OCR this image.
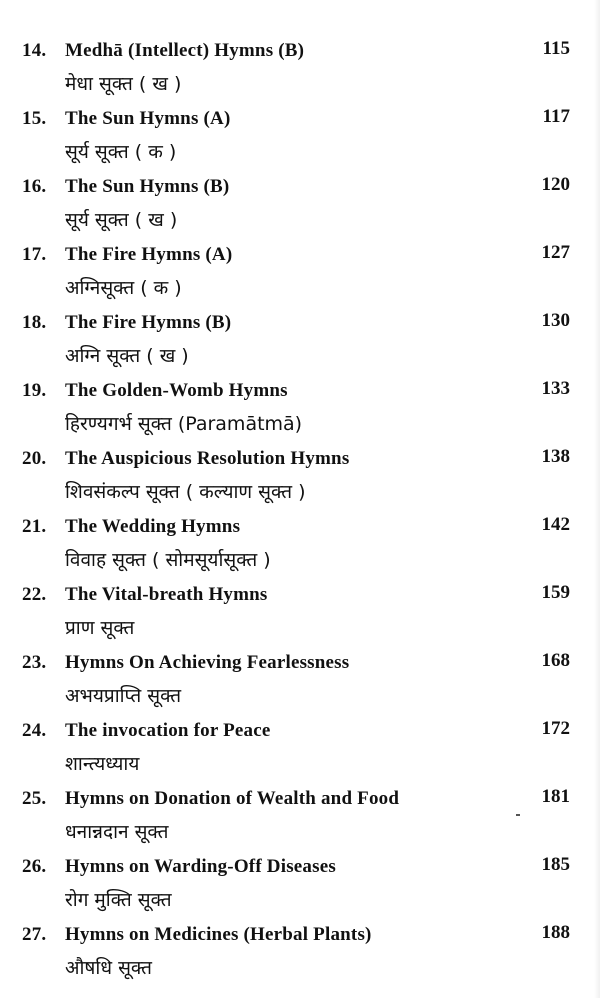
14. Medhā (Intellect) Hymns (B)	115
मेधा सूक्त ( ख )
15. The Sun Hymns (A)	117
सूर्य सूक्त ( क )
16. The Sun Hymns (B)	120
सूर्य सूक्त ( ख )
17. The Fire Hymns (A)	127
अग्निसूक्त ( क )
18. The Fire Hymns (B)	130
अग्नि सूक्त ( ख )
19. The Golden-Womb Hymns	133
हिरण्यगर्भ सूक्त (Paramātmā)
20. The Auspicious Resolution Hymns	138
शिवसंकल्प सूक्त ( कल्याण सूक्त )
21. The Wedding Hymns	142
विवाह सूक्त ( सोमसूर्यासूक्त )
22. The Vital-breath Hymns	159
प्राण सूक्त
23. Hymns On Achieving Fearlessness	168
अभयप्राप्ति सूक्त
24. The invocation for Peace	172
शान्त्यध्याय
25. Hymns on Donation of Wealth and Food	181
धनान्नदान सूक्त
26. Hymns on Warding-Off Diseases	185
रोग मुक्ति सूक्त
27. Hymns on Medicines (Herbal Plants)	188
औषधि सूक्त
